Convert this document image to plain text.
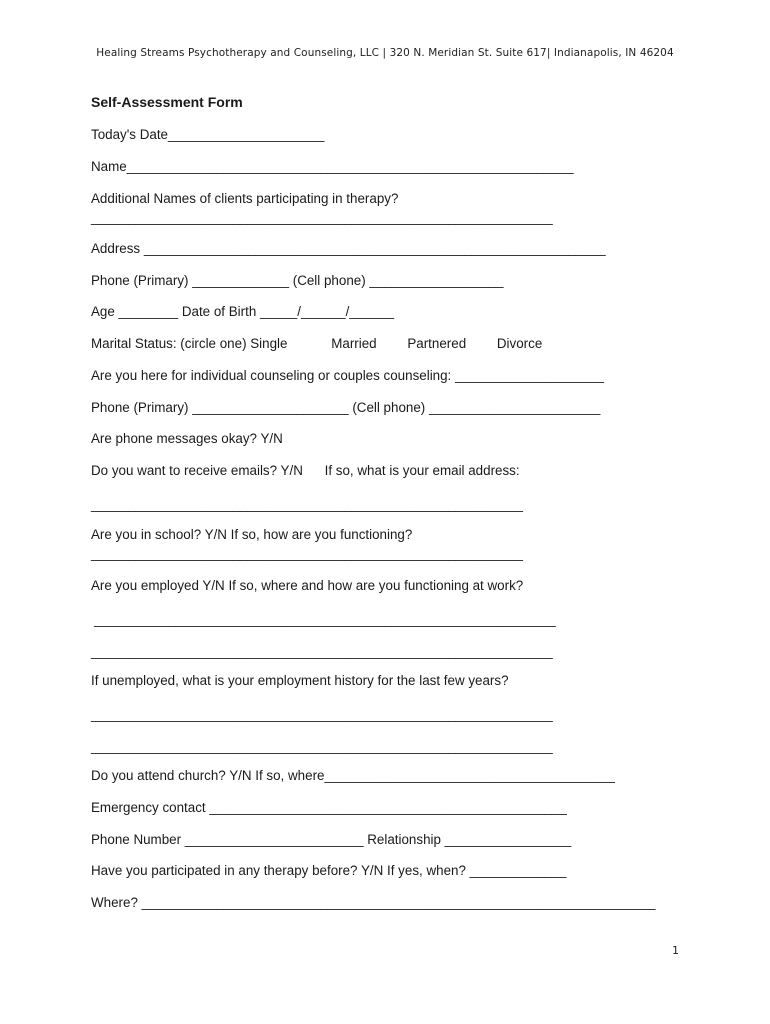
Healing Streams Psychotherapy and Counseling, LLC | 320 N. Meridian St. Suite 617| Indianapolis, IN 46204
Self-Assessment Form
Today's Date_____________________
Name____________________________________________________________
Additional Names of clients participating in therapy?
______________________________________________________________
Address ______________________________________________________________
Phone (Primary) _____________ (Cell phone) __________________
Age ________ Date of Birth _____/______/______
Marital Status: (circle one) Single	Married Partnered Divorce
Are you here for individual counseling or couples counseling: ____________________
Phone (Primary) _____________________ (Cell phone) _______________________
Are phone messages okay? Y/N
Do you want to receive emails? Y/N If so, what is your email address:
__________________________________________________________
Are you in school? Y/N If so, how are you functioning?
__________________________________________________________
Are you employed Y/N If so, where and how are you functioning at work?
______________________________________________________________
______________________________________________________________
If unemployed, what is your employment history for the last few years?
______________________________________________________________
______________________________________________________________
Do you attend church? Y/N If so, where_______________________________________
Emergency contact ________________________________________________
Phone Number ________________________ Relationship _________________
Have you participated in any therapy before? Y/N If yes, when? _____________
Where? _____________________________________________________________________
1
